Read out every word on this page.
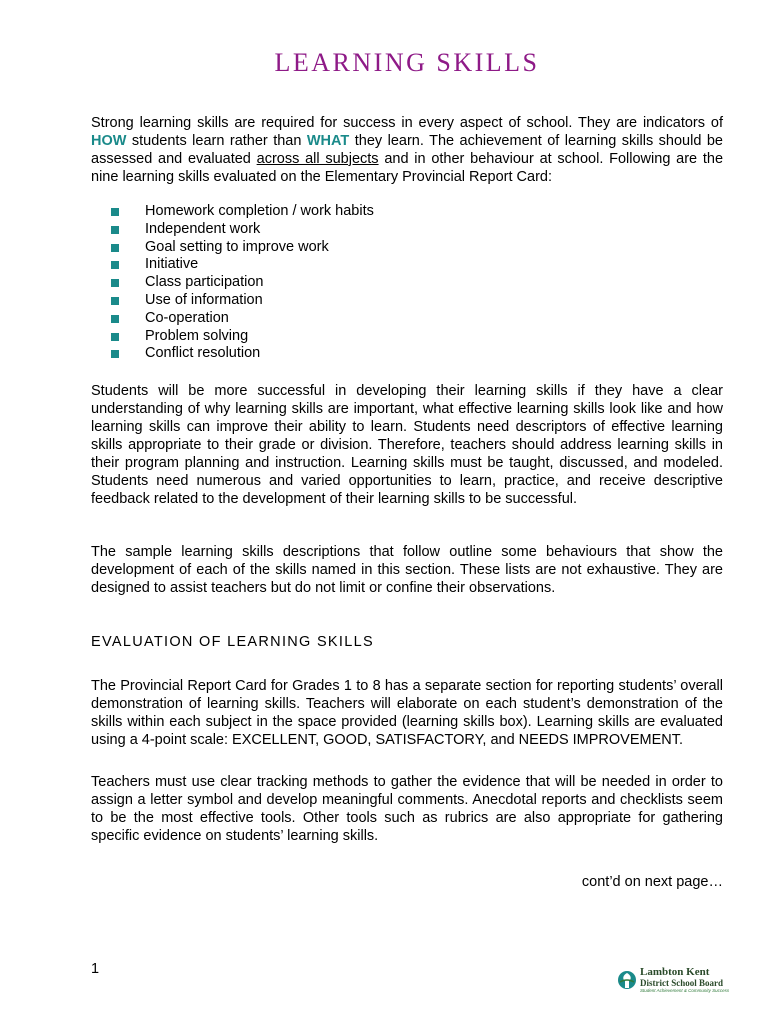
LEARNING SKILLS

Strong learning skills are required for success in every aspect of school. They are indicators of HOW students learn rather than WHAT they learn. The achievement of learning skills should be assessed and evaluated across all subjects and in other behaviour at school. Following are the nine learning skills evaluated on the Elementary Provincial Report Card:

Homework completion / work habits
Independent work
Goal setting to improve work
Initiative
Class participation
Use of information
Co-operation
Problem solving
Conflict resolution

Students will be more successful in developing their learning skills if they have a clear understanding of why learning skills are important, what effective learning skills look like and how learning skills can improve their ability to learn. Students need descriptors of effective learning skills appropriate to their grade or division. Therefore, teachers should address learning skills in their program planning and instruction. Learning skills must be taught, discussed, and modeled. Students need numerous and varied opportunities to learn, practice, and receive descriptive feedback related to the development of their learning skills to be successful.

The sample learning skills descriptions that follow outline some behaviours that show the development of each of the skills named in this section. These lists are not exhaustive. They are designed to assist teachers but do not limit or confine their observations.

EVALUATION OF LEARNING SKILLS

The Provincial Report Card for Grades 1 to 8 has a separate section for reporting students’ overall demonstration of learning skills. Teachers will elaborate on each student’s demonstration of the skills within each subject in the space provided (learning skills box). Learning skills are evaluated using a 4-point scale: EXCELLENT, GOOD, SATISFACTORY, and NEEDS IMPROVEMENT.

Teachers must use clear tracking methods to gather the evidence that will be needed in order to assign a letter symbol and develop meaningful comments. Anecdotal reports and checklists seem to be the most effective tools. Other tools such as rubrics are also appropriate for gathering specific evidence on students’ learning skills.

cont’d on next page…
1	Lambton Kent
District School Board
Student Achievement & Community Success
